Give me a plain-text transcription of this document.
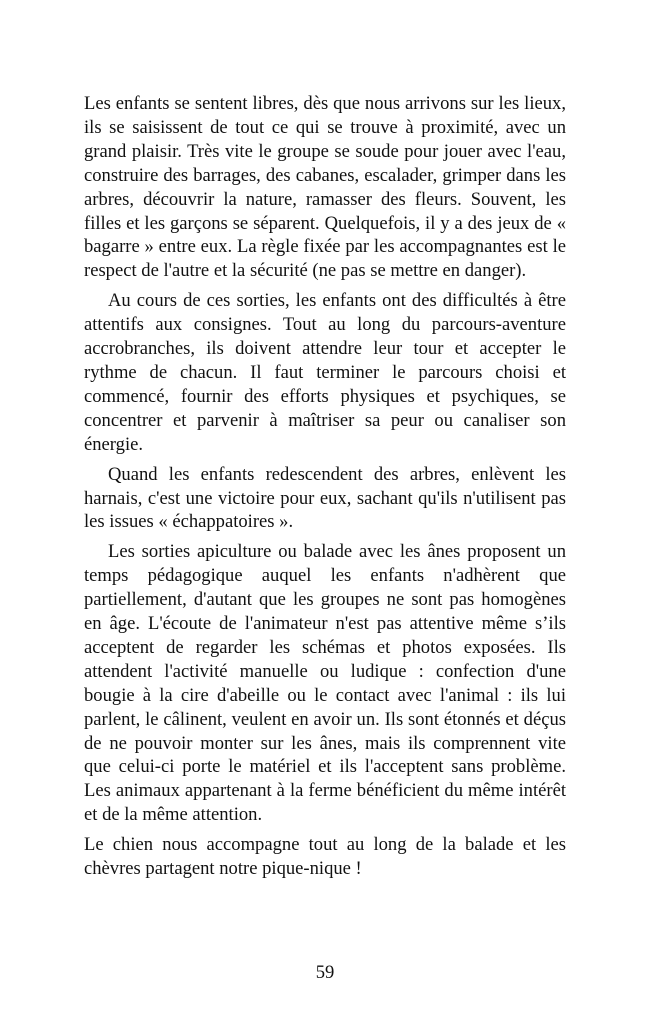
Les enfants se sentent libres, dès que nous arrivons sur les lieux, ils se saisissent de tout ce qui se trouve à proximité, avec un grand plaisir. Très vite le groupe se soude pour jouer avec l'eau, construire des barrages, des cabanes, escalader, grimper dans les arbres, découvrir la nature, ramasser des fleurs. Souvent, les filles et les garçons se séparent. Quelquefois, il y a des jeux de « bagarre » entre eux. La règle fixée par les accompagnantes est le respect de l'autre et la sécurité (ne pas se mettre en danger).

Au cours de ces sorties, les enfants ont des difficultés à être attentifs aux consignes. Tout au long du parcours-aventure accrobranches, ils doivent attendre leur tour et accepter le rythme de chacun. Il faut terminer le parcours choisi et commencé, fournir des efforts physiques et psychiques, se concentrer et parvenir à maîtriser sa peur ou canaliser son énergie.

Quand les enfants redescendent des arbres, enlèvent les harnais, c'est une victoire pour eux, sachant qu'ils n'utilisent pas les issues « échappatoires ».

Les sorties apiculture ou balade avec les ânes proposent un temps pédagogique auquel les enfants n'adhèrent que partiellement, d'autant que les groupes ne sont pas homogènes en âge. L'écoute de l'animateur n'est pas attentive même s’ils acceptent de regarder les schémas et photos exposées. Ils attendent l'activité manuelle ou ludique : confection d'une bougie à la cire d'abeille ou le contact avec l'animal : ils lui parlent, le câlinent, veulent en avoir un. Ils sont étonnés et déçus de ne pouvoir monter sur les ânes, mais ils comprennent vite que celui-ci porte le matériel et ils l'acceptent sans problème. Les animaux appartenant à la ferme bénéficient du même intérêt et de la même attention.

Le chien nous accompagne tout au long de la balade et les chèvres partagent notre pique-nique !

59
